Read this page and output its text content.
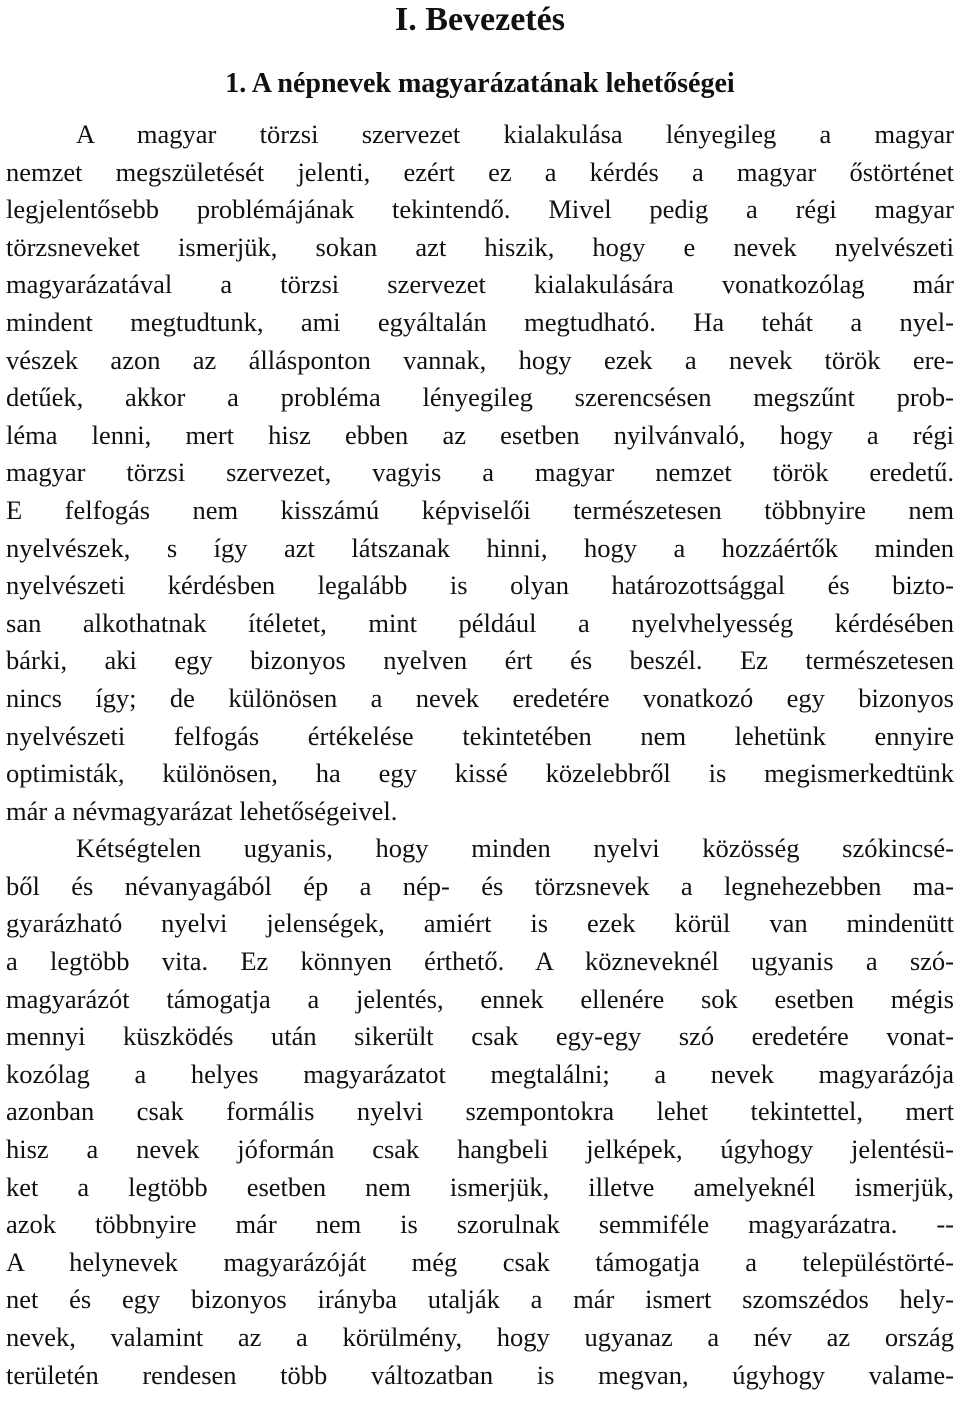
I. Bevezetés
1. A népnevek magyarázatának lehetőségei
A magyar törzsi szervezet kialakulása lényegileg a magyar
nemzet megszületését jelenti, ezért ez a kérdés a magyar őstörténet
legjelentősebb problémájának tekintendő. Mivel pedig a régi magyar
törzsneveket ismerjük, sokan azt hiszik, hogy e nevek nyelvészeti
magyarázatával a törzsi szervezet kialakulására vonatkozólag már
mindent megtudtunk, ami egyáltalán megtudható. Ha tehát a nyel-
vészek azon az állásponton vannak, hogy ezek a nevek török ere-
detűek, akkor a probléma lényegileg szerencsésen megszűnt prob-
léma lenni, mert hisz ebben az esetben nyilvánvaló, hogy a régi
magyar törzsi szervezet, vagyis a magyar nemzet török eredetű.
E felfogás nem kisszámú képviselői természetesen többnyire nem
nyelvészek, s így azt látszanak hinni, hogy a hozzáértők minden
nyelvészeti kérdésben legalább is olyan határozottsággal és bizto-
san alkothatnak ítéletet, mint például a nyelvhelyesség kérdésében
bárki, aki egy bizonyos nyelven ért és beszél. Ez természetesen
nincs így; de különösen a nevek eredetére vonatkozó egy bizonyos
nyelvészeti felfogás értékelése tekintetében nem lehetünk ennyire
optimisták, különösen, ha egy kissé közelebbről is megismerkedtünk
már a névmagyarázat lehetőségeivel.
Kétségtelen ugyanis, hogy minden nyelvi közösség szókincsé-
ből és névanyagából ép a nép- és törzsnevek a legnehezebben ma-
gyarázható nyelvi jelenségek, amiért is ezek körül van mindenütt
a legtöbb vita. Ez könnyen érthető. A közneveknél ugyanis a szó-
magyarázót támogatja a jelentés, ennek ellenére sok esetben mégis
mennyi küszködés után sikerült csak egy-egy szó eredetére vonat-
kozólag a helyes magyarázatot megtalálni; a nevek magyarázója
azonban csak formális nyelvi szempontokra lehet tekintettel, mert
hisz a nevek jóformán csak hangbeli jelképek, úgyhogy jelentésü-
ket a legtöbb esetben nem ismerjük, illetve amelyeknél ismerjük,
azok többnyire már nem is szorulnak semmiféle magyarázatra. --
A helynevek magyarázóját még csak támogatja a településtörté-
net és egy bizonyos irányba utalják a már ismert szomszédos hely-
nevek, valamint az a körülmény, hogy ugyanaz a név az ország
területén rendesen több változatban is megvan, úgyhogy valame-
